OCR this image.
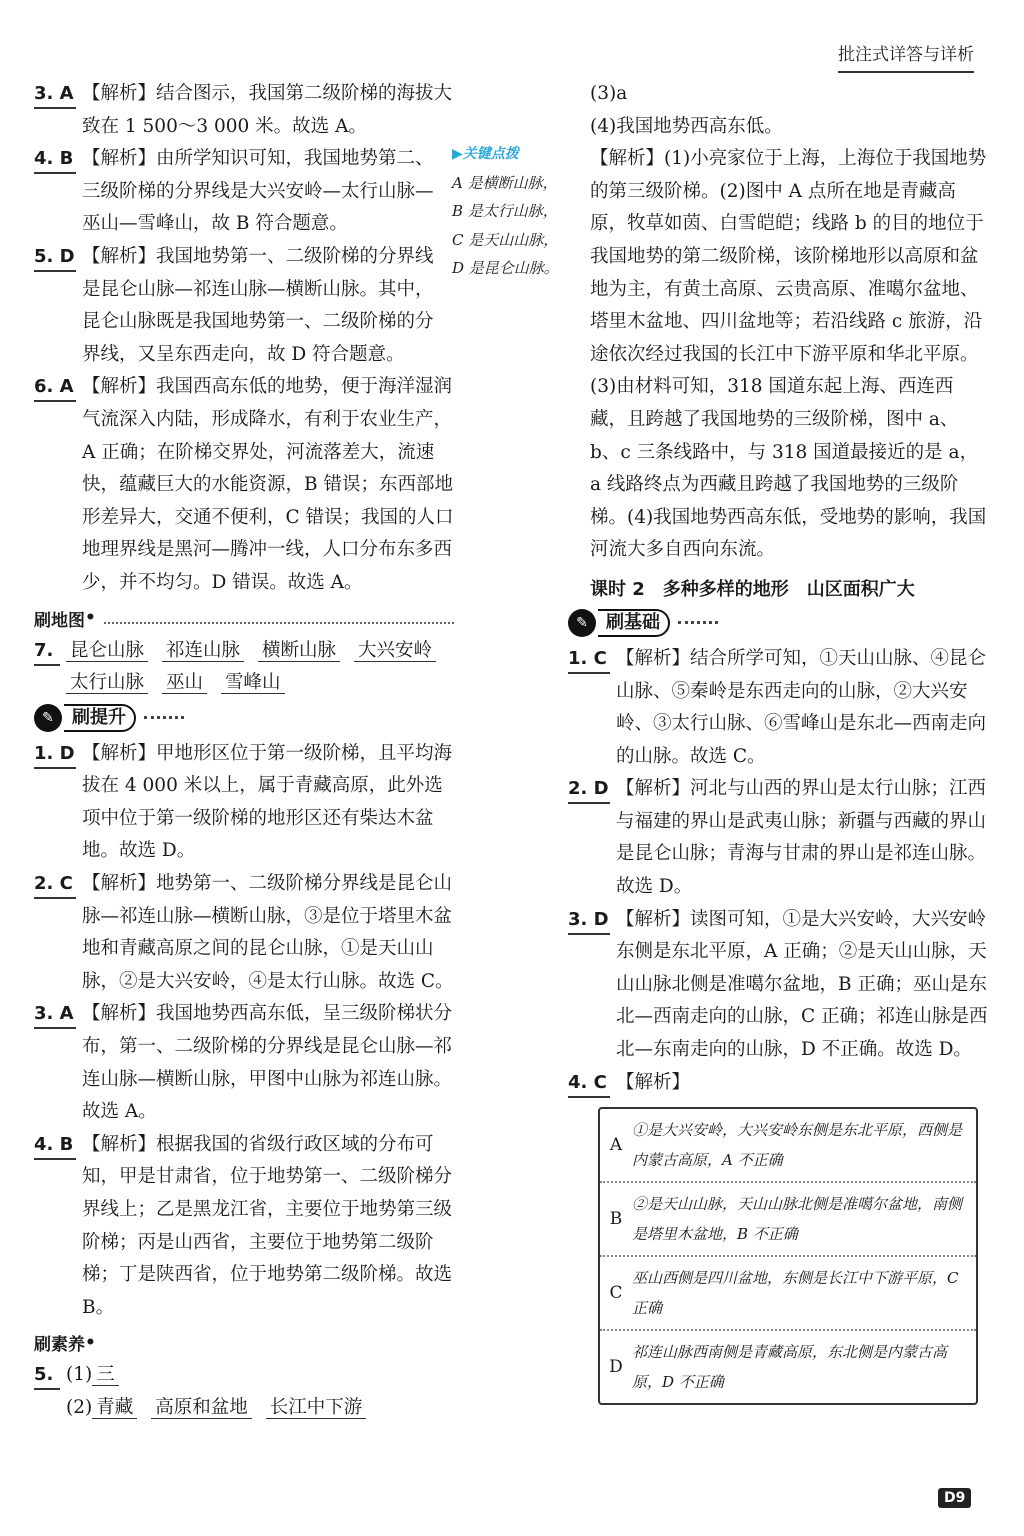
批注式详答与详析
3. A 【解析】结合图示，我国第二级阶梯的海拔大致在 1 500～3 000 米。故选 A。

4. B 【解析】由所学知识可知，我国地势第二、三级阶梯的分界线是大兴安岭—太行山脉—巫山—雪峰山，故 B 符合题意。

5. D 【解析】我国地势第一、二级阶梯的分界线是昆仑山脉—祁连山脉—横断山脉。其中，昆仑山脉既是我国地势第一、二级阶梯的分界线，又呈东西走向，故 D 符合题意。

6. A 【解析】我国西高东低的地势，便于海洋湿润气流深入内陆，形成降水，有利于农业生产，A 正确；在阶梯交界处，河流落差大，流速快，蕴藏巨大的水能资源，B 错误；东西部地形差异大，交通不便利，C 错误；我国的人口地理界线是黑河—腾冲一线，人口分布东多西少，并不均匀。D 错误。故选 A。

刷地图 •
7. 昆仑山脉 祁连山脉 横断山脉 大兴安岭
太行山脉 巫山 雪峰山

✎	刷提升
1. D 【解析】甲地形区位于第一级阶梯，且平均海拔在 4 000 米以上，属于青藏高原，此外选项中位于第一级阶梯的地形区还有柴达木盆地。故选 D。

2. C 【解析】地势第一、二级阶梯分界线是昆仑山脉—祁连山脉—横断山脉，③是位于塔里木盆地和青藏高原之间的昆仑山脉，①是天山山脉，②是大兴安岭，④是太行山脉。故选 C。

3. A 【解析】我国地势西高东低，呈三级阶梯状分布，第一、二级阶梯的分界线是昆仑山脉—祁连山脉—横断山脉，甲图中山脉为祁连山脉。故选 A。

4. B 【解析】根据我国的省级行政区域的分布可知，甲是甘肃省，位于地势第一、二级阶梯分界线上；乙是黑龙江省，主要位于地势第三级阶梯；丙是山西省，主要位于地势第二级阶梯；丁是陕西省，位于地势第二级阶梯。故选 B。

刷素养 •
5. (1) 三
(2) 青藏 高原和盆地 长江中下游

▶关键点拨
A 是横断山脉，B 是太行山脉，C 是天山山脉，D 是昆仑山脉。

(3)a

(4)我国地势西高东低。

【解析】(1)小亮家位于上海，上海位于我国地势的第三级阶梯。(2)图中 A 点所在地是青藏高原，牧草如茵、白雪皑皑；线路 b 的目的地位于我国地势的第二级阶梯，该阶梯地形以高原和盆地为主，有黄土高原、云贵高原、准噶尔盆地、塔里木盆地、四川盆地等；若沿线路 c 旅游，沿途依次经过我国的长江中下游平原和华北平原。(3)由材料可知，318 国道东起上海、西连西藏，且跨越了我国地势的三级阶梯，图中 a、b、c 三条线路中，与 318 国道最接近的是 a，a 线路终点为西藏且跨越了我国地势的三级阶梯。(4)我国地势西高东低，受地势的影响，我国河流大多自西向东流。

课时 2 多种多样的地形 山区面积广大
✎	刷基础
1. C 【解析】结合所学可知，①天山山脉、④昆仑山脉、⑤秦岭是东西走向的山脉，②大兴安岭、③太行山脉、⑥雪峰山是东北—西南走向的山脉。故选 C。

2. D 【解析】河北与山西的界山是太行山脉；江西与福建的界山是武夷山脉；新疆与西藏的界山是昆仑山脉；青海与甘肃的界山是祁连山脉。故选 D。

3. D 【解析】读图可知，①是大兴安岭，大兴安岭东侧是东北平原，A 正确；②是天山山脉，天山山脉北侧是准噶尔盆地，B 正确；巫山是东北—西南走向的山脉，C 正确；祁连山脉是西北—东南走向的山脉，D 不正确。故选 D。

4. C 【解析】

A
①是大兴安岭，大兴安岭东侧是东北平原，西侧是内蒙古高原，A 不正确
B
②是天山山脉，天山山脉北侧是准噶尔盆地，南侧是塔里木盆地，B 不正确
C
巫山西侧是四川盆地，东侧是长江中下游平原，C 正确
D
祁连山脉西南侧是青藏高原，东北侧是内蒙古高原，D 不正确
D9
